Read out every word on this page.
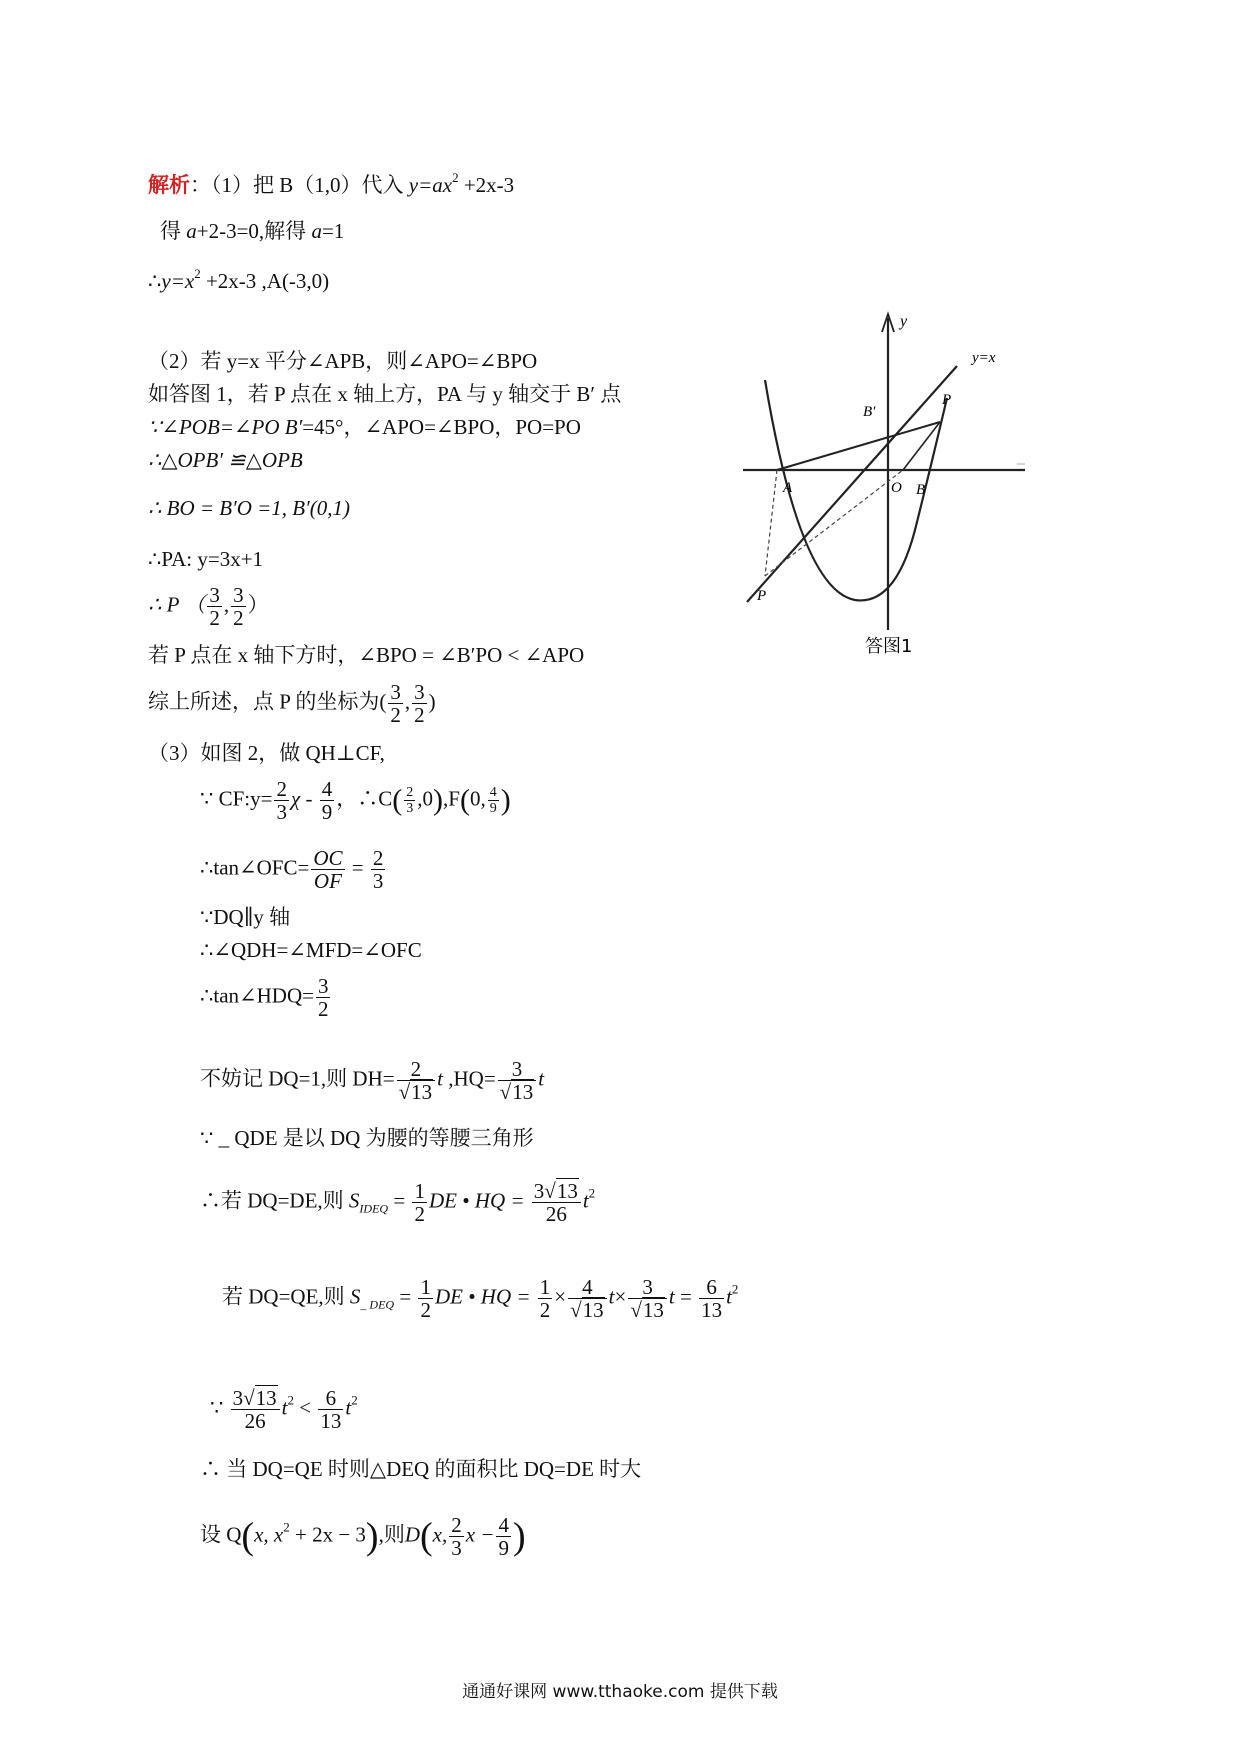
解析：（1）把 B（1,0）代入 $y=ax^2 +2x-3$
得 a+2-3=0,解得 a=1
$\therefore y=x^2 +2x-3$ ,A(-3,0)
（2）若 y=x 平分∠APB，则∠APO=∠BPO
如答图 1，若 P 点在 x 轴上方，PA 与 y 轴交于 B′ 点
∵∠POB=∠PO B′=45°，∠APO=∠BPO，PO=PO
∴△OPB′ ≌△OPB
∴ BO = B′O =1, B′(0,1)
∴PA: y=3x+1
∴ P （ $\frac{3}{2}$ , $\frac{3}{2}$ ）
若 P 点在 x 轴下方时，∠BPO = ∠B′PO < ∠APO
综上所述，点 P 的坐标为( $\frac{3}{2}$ , $\frac{3}{2}$ )
（3）如图 2，做 QH⊥CF,
∵ CF:y= $\frac{2}{3}$ χ - $\frac{4}{9}$ ，∴C( $\frac{2}{3} ,0),F(0$, $\frac{4}{9}$ )
∴tan∠OFC= $\frac{OC}{OF} = \frac{2}{3}$
∵DQ∥y 轴
∴∠QDH=∠MFD=∠OFC
∴tan∠HDQ= $\frac{3}{2}$
不妨记 DQ=1,则 $DH= \frac{2}{√13}$ t $,HQ= \frac{3}{√13}$ t
∵ _ QDE 是以 DQ 为腰的等腰三角形
∴若 DQ=DE,则 $S_{IDEQ} = \frac{1}{2}$ DE • HQ = $\frac{3√13}{26} t^2$
若 DQ=QE,则 $S_{\_ DEQ} = \frac{1}{2}$ DE • HQ = $\frac{1}{2} \times \frac{4}{√13} t\times \frac{3}{√13}$ $t = \frac{6}{13} t^2$
∵ $\frac{3√13}{26} t^2 < \frac{6}{13} t^2$
∴ 当 DQ=QE 时则△DEQ 的面积比 DQ=DE 时大
设 Q(x, $x^2 + 2x - 3$),则D(x, $\frac{2}{3}$ $x - \frac{4}{9}$ )
y
y=x
B′
P
A	O B
P
答图1
通通好课网 www.tthaoke.com 提供下载
